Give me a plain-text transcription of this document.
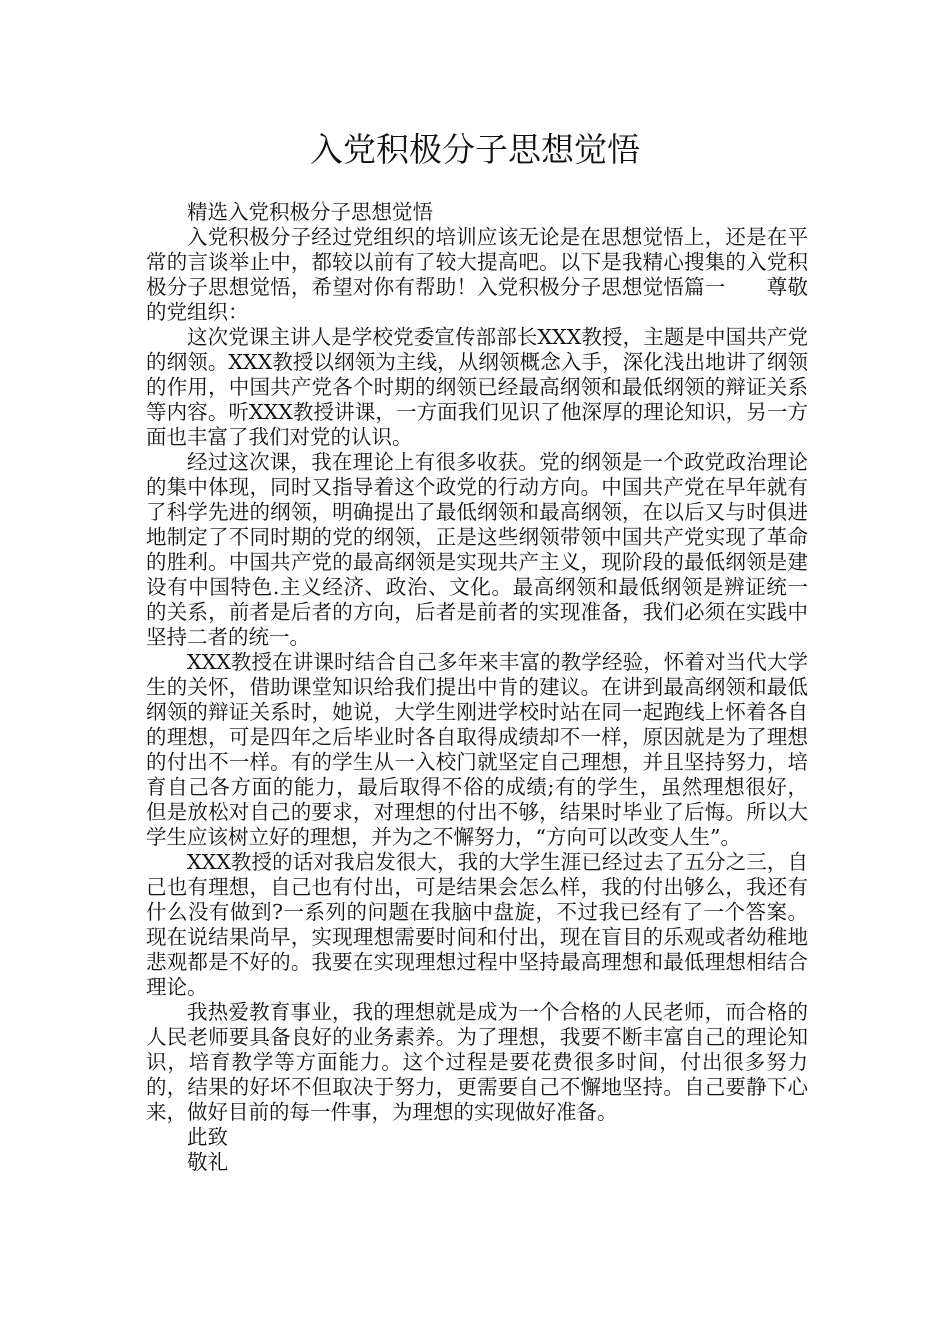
入党积极分子思想觉悟

精选入党积极分子思想觉悟

入党积极分子经过党组织的培训应该无论是在思想觉悟上，还是在平常的言谈举止中，都较以前有了较大提高吧。以下是我精心搜集的入党积极分子思想觉悟，希望对你有帮助！入党积极分子思想觉悟篇一　　尊敬的党组织：

这次党课主讲人是学校党委宣传部部长XXX教授，主题是中国共产党的纲领。XXX教授以纲领为主线，从纲领概念入手，深化浅出地讲了纲领的作用，中国共产党各个时期的纲领已经最高纲领和最低纲领的辩证关系等内容。听XXX教授讲课，一方面我们见识了他深厚的理论知识，另一方面也丰富了我们对党的认识。

经过这次课，我在理论上有很多收获。党的纲领是一个政党政治理论的集中体现，同时又指导着这个政党的行动方向。中国共产党在早年就有了科学先进的纲领，明确提出了最低纲领和最高纲领，在以后又与时俱进地制定了不同时期的党的纲领，正是这些纲领带领中国共产党实现了革命的胜利。中国共产党的最高纲领是实现共产主义，现阶段的最低纲领是建设有中国特色.主义经济、政治、文化。最高纲领和最低纲领是辨证统一的关系，前者是后者的方向，后者是前者的实现准备，我们必须在实践中坚持二者的统一。

XXX教授在讲课时结合自己多年来丰富的教学经验，怀着对当代大学生的关怀，借助课堂知识给我们提出中肯的建议。在讲到最高纲领和最低纲领的辩证关系时，她说，大学生刚进学校时站在同一起跑线上怀着各自的理想，可是四年之后毕业时各自取得成绩却不一样，原因就是为了理想的付出不一样。有的学生从一入校门就坚定自己理想，并且坚持努力，培育自己各方面的能力，最后取得不俗的成绩;有的学生，虽然理想很好，但是放松对自己的要求，对理想的付出不够，结果时毕业了后悔。所以大学生应该树立好的理想，并为之不懈努力，“方向可以改变人生”。

XXX教授的话对我启发很大，我的大学生涯已经过去了五分之三，自己也有理想，自己也有付出，可是结果会怎么样，我的付出够么，我还有什么没有做到?一系列的问题在我脑中盘旋，不过我已经有了一个答案。现在说结果尚早，实现理想需要时间和付出，现在盲目的乐观或者幼稚地悲观都是不好的。我要在实现理想过程中坚持最高理想和最低理想相结合理论。

我热爱教育事业，我的理想就是成为一个合格的人民老师，而合格的人民老师要具备良好的业务素养。为了理想，我要不断丰富自己的理论知识，培育教学等方面能力。这个过程是要花费很多时间，付出很多努力的，结果的好坏不但取决于努力，更需要自己不懈地坚持。自己要静下心来，做好目前的每一件事，为理想的实现做好准备。

此致

敬礼
